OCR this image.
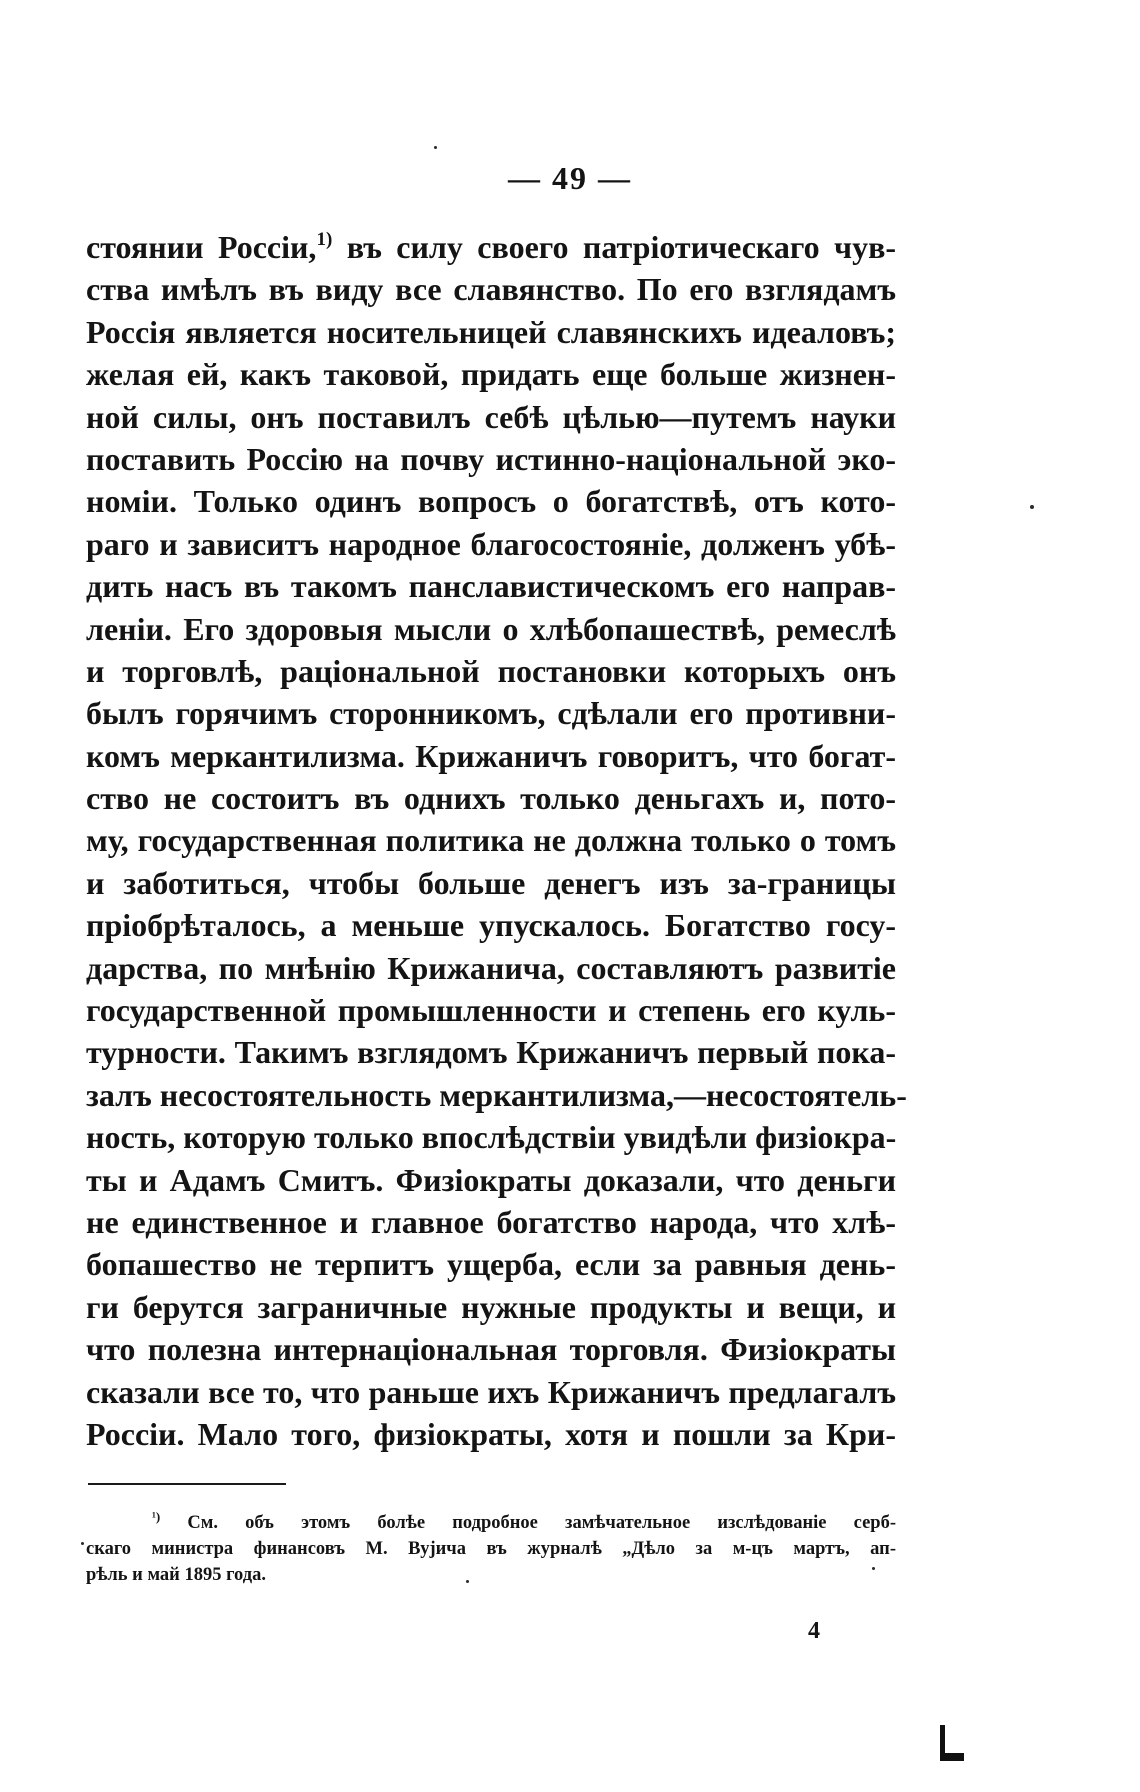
— 49 —
стоянии Россіи,$^{1)}$ въ силу своего патріотическаго чув-
ства имѣлъ въ виду все славянство. По его взглядамъ
Россія является носительницей славянскихъ идеаловъ;
желая ей, какъ таковой, придать еще больше жизнен-
ной силы, онъ поставилъ себѣ цѣлью—путемъ науки
поставить Россію на почву истинно-національной эко-
номіи. Только одинъ вопросъ о богатствѣ, отъ кото-
раго и зависитъ народное благосостояніе, долженъ убѣ-
дить насъ въ такомъ панславистическомъ его направ-
леніи. Его здоровыя мысли о хлѣбопашествѣ, ремеслѣ
и торговлѣ, раціональной постановки которыхъ онъ
былъ горячимъ сторонникомъ, сдѣлали его противни-
комъ меркантилизма. Крижаничъ говоритъ, что богат-
ство не состоитъ въ однихъ только деньгахъ и, пото-
му, государственная политика не должна только о томъ
и заботиться, чтобы больше денегъ изъ за-границы
пріобрѣталось, а меньше упускалось. Богатство госу-
дарства, по мнѣнію Крижанича, составляютъ развитіе
государственной промышленности и степень его куль-
турности. Такимъ взглядомъ Крижаничъ первый пока-
залъ несостоятельность меркантилизма,—несостоятель-
ность, которую только впослѣдствіи увидѣли физіокра-
ты и Адамъ Смитъ. Физіократы доказали, что деньги
не единственное и главное богатство народа, что хлѣ-
бопашество не терпитъ ущерба, если за равныя день-
ги берутся заграничные нужные продукты и вещи, и
что полезна интернаціональная торговля. Физіократы
сказали все то, что раньше ихъ Крижаничъ предлагалъ
Россіи. Мало того, физіократы, хотя и пошли за Кри-
$^{^1)}$ См. объ этомъ болѣе подробное замѣчательное изслѣдованіе серб-
скаго министра финансовъ М. Вујича въ журналѣ „Дѣло за м-цъ мартъ, ап-
рѣль и май 1895 года.
4
